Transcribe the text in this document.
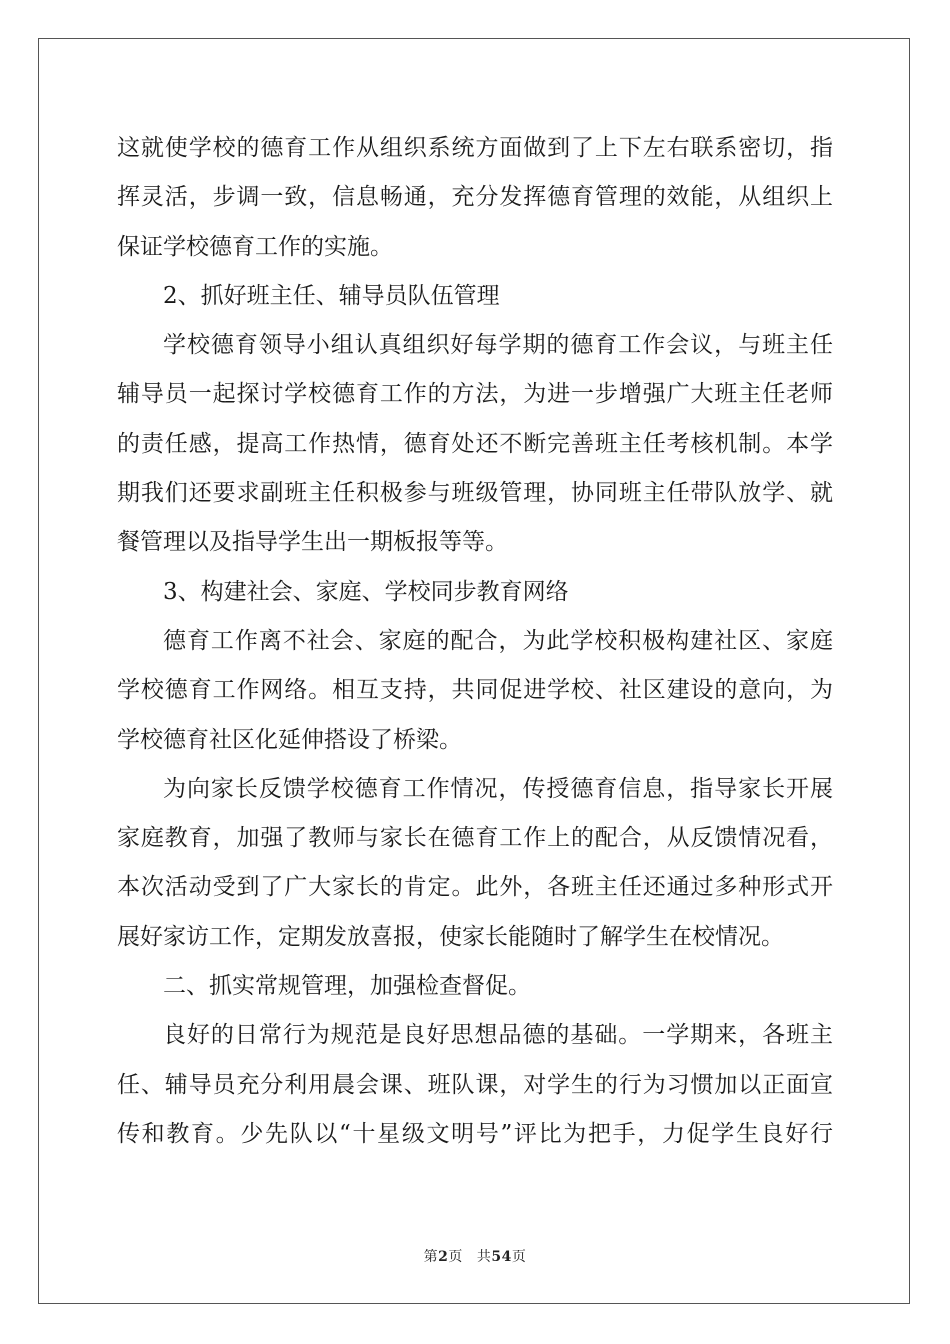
这就使学校的德育工作从组织系统方面做到了上下左右联系密切，指
挥灵活，步调一致，信息畅通，充分发挥德育管理的效能，从组织上
保证学校德育工作的实施。
2、抓好班主任、辅导员队伍管理
学校德育领导小组认真组织好每学期的德育工作会议，与班主任
辅导员一起探讨学校德育工作的方法，为进一步增强广大班主任老师
的责任感，提高工作热情，德育处还不断完善班主任考核机制。本学
期我们还要求副班主任积极参与班级管理，协同班主任带队放学、就
餐管理以及指导学生出一期板报等等。
3、构建社会、家庭、学校同步教育网络
德育工作离不社会、家庭的配合，为此学校积极构建社区、家庭
学校德育工作网络。相互支持，共同促进学校、社区建设的意向，为
学校德育社区化延伸搭设了桥梁。
为向家长反馈学校德育工作情况，传授德育信息，指导家长开展
家庭教育，加强了教师与家长在德育工作上的配合，从反馈情况看，
本次活动受到了广大家长的肯定。此外，各班主任还通过多种形式开
展好家访工作，定期发放喜报，使家长能随时了解学生在校情况。
二、抓实常规管理，加强检查督促。
良好的日常行为规范是良好思想品德的基础。一学期来，各班主
任、辅导员充分利用晨会课、班队课，对学生的行为习惯加以正面宣
传和教育。少先队以“十星级文明号”评比为把手，力促学生良好行
第2页 共54页
